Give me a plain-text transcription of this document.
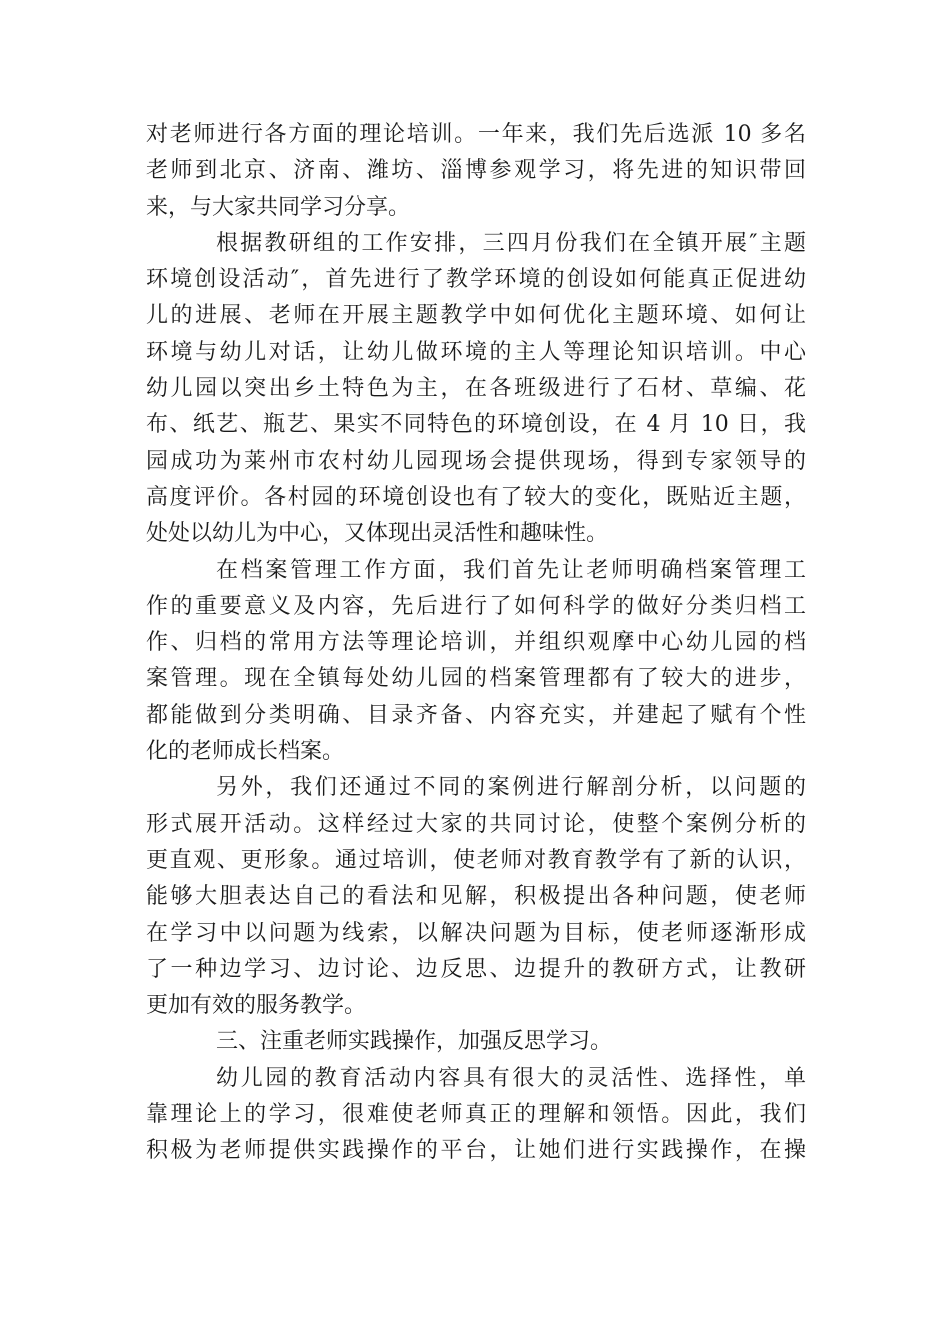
对老师进行各方面的理论培训。一年来，我们先后选派 10 多名
老师到北京、济南、潍坊、淄博参观学习，将先进的知识带回
来，与大家共同学习分享。
根据教研组的工作安排，三四月份我们在全镇开展″主题
环境创设活动″，首先进行了教学环境的创设如何能真正促进幼
儿的进展、老师在开展主题教学中如何优化主题环境、如何让
环境与幼儿对话，让幼儿做环境的主人等理论知识培训。中心
幼儿园以突出乡土特色为主，在各班级进行了石材、草编、花
布、纸艺、瓶艺、果实不同特色的环境创设，在 4 月 10 日，我
园成功为莱州市农村幼儿园现场会提供现场，得到专家领导的
高度评价。各村园的环境创设也有了较大的变化，既贴近主题，
处处以幼儿为中心，又体现出灵活性和趣味性。
在档案管理工作方面，我们首先让老师明确档案管理工
作的重要意义及内容，先后进行了如何科学的做好分类归档工
作、归档的常用方法等理论培训，并组织观摩中心幼儿园的档
案管理。现在全镇每处幼儿园的档案管理都有了较大的进步，
都能做到分类明确、目录齐备、内容充实，并建起了赋有个性
化的老师成长档案。
另外，我们还通过不同的案例进行解剖分析，以问题的
形式展开活动。这样经过大家的共同讨论，使整个案例分析的
更直观、更形象。通过培训，使老师对教育教学有了新的认识，
能够大胆表达自己的看法和见解，积极提出各种问题，使老师
在学习中以问题为线索，以解决问题为目标，使老师逐渐形成
了一种边学习、边讨论、边反思、边提升的教研方式，让教研
更加有效的服务教学。
三、注重老师实践操作，加强反思学习。
幼儿园的教育活动内容具有很大的灵活性、选择性，单
靠理论上的学习，很难使老师真正的理解和领悟。因此，我们
积极为老师提供实践操作的平台，让她们进行实践操作，在操
